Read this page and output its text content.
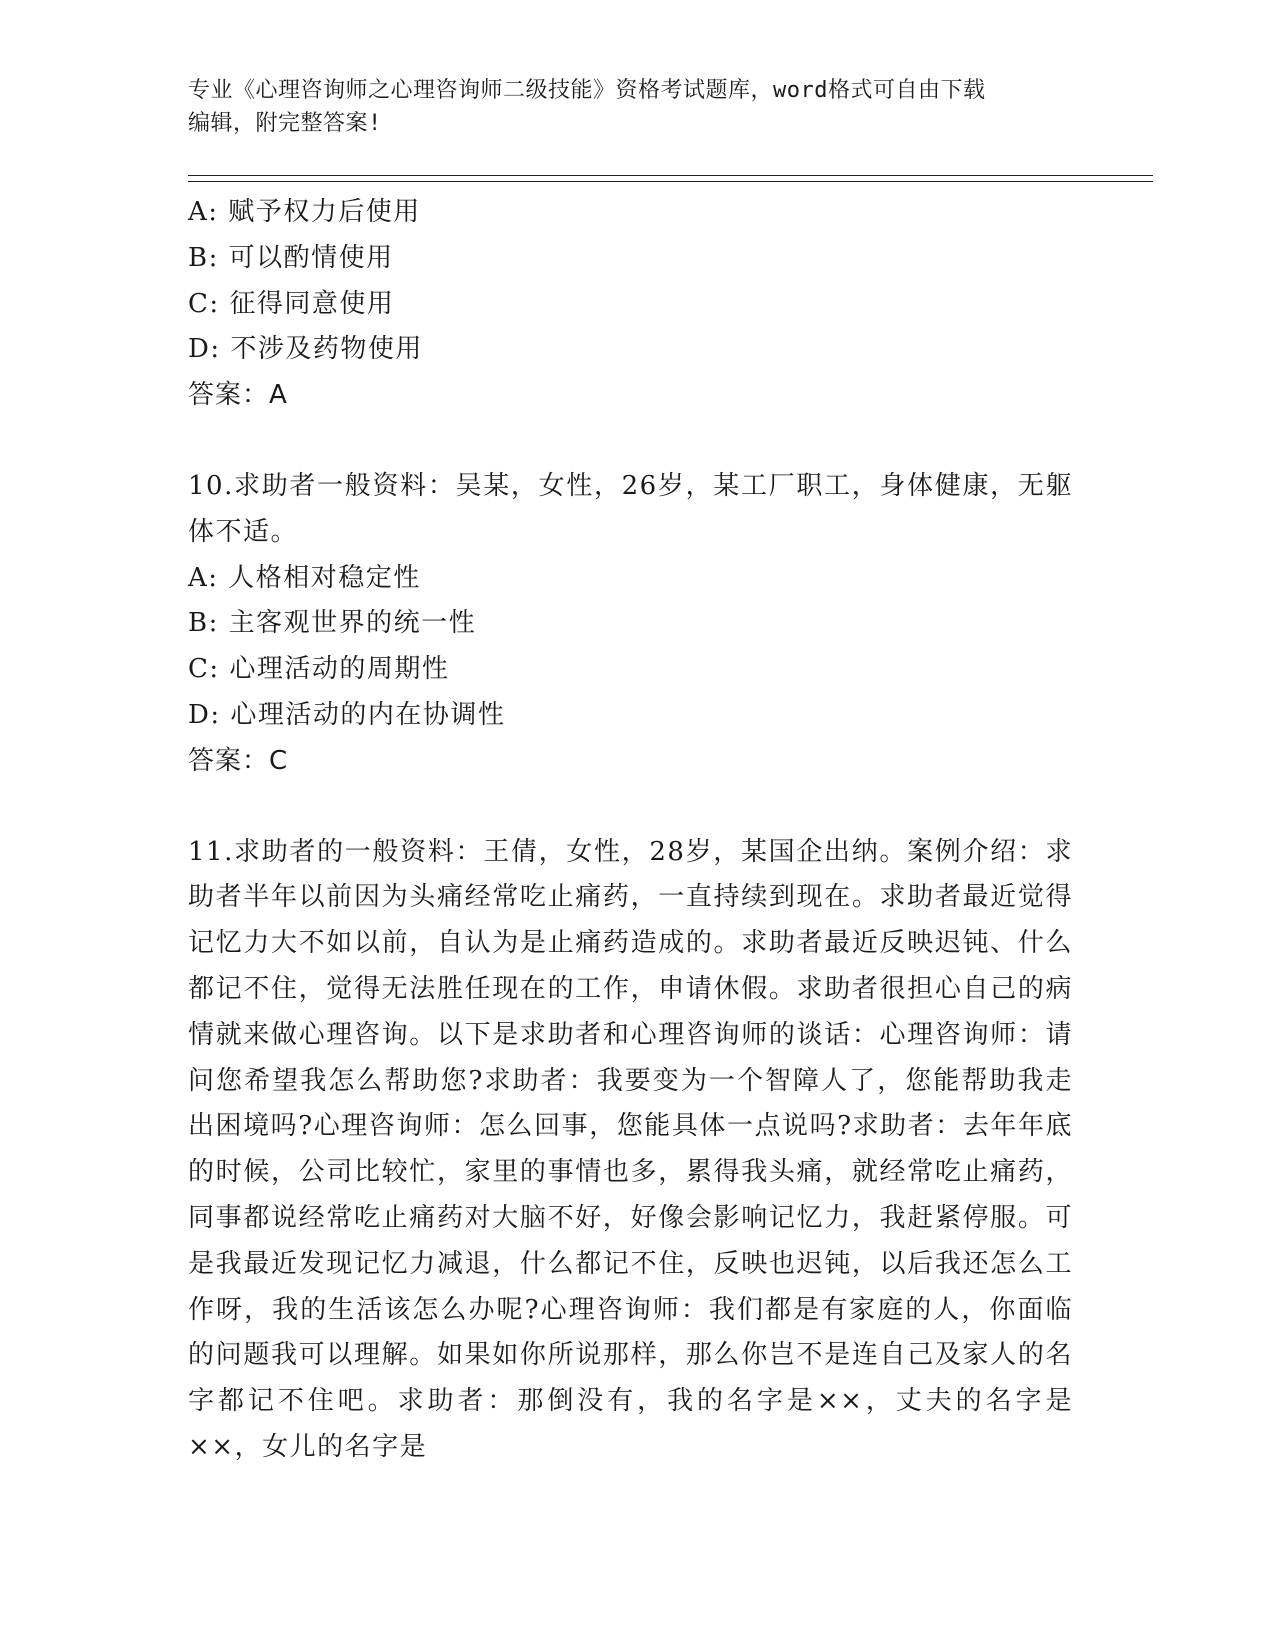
专业《心理咨询师之心理咨询师二级技能》资格考试题库，word格式可自由下载
编辑，附完整答案!

A: 赋予权力后使用

B: 可以酌情使用

C: 征得同意使用

D: 不涉及药物使用

答案：A

10.求助者一般资料：吴某，女性，26岁，某工厂职工，身体健康，无躯体不适。

A: 人格相对稳定性

B: 主客观世界的统一性

C: 心理活动的周期性

D: 心理活动的内在协调性

答案：C

11.求助者的一般资料：王倩，女性，28岁，某国企出纳。案例介绍：求助者半年以前因为头痛经常吃止痛药，一直持续到现在。求助者最近觉得记忆力大不如以前，自认为是止痛药造成的。求助者最近反映迟钝、什么都记不住，觉得无法胜任现在的工作，申请休假。求助者很担心自己的病情就来做心理咨询。以下是求助者和心理咨询师的谈话：心理咨询师：请问您希望我怎么帮助您?求助者：我要变为一个智障人了，您能帮助我走出困境吗?心理咨询师：怎么回事，您能具体一点说吗?求助者：去年年底的时候，公司比较忙，家里的事情也多，累得我头痛，就经常吃止痛药，同事都说经常吃止痛药对大脑不好，好像会影响记忆力，我赶紧停服。可是我最近发现记忆力减退，什么都记不住，反映也迟钝，以后我还怎么工作呀，我的生活该怎么办呢?心理咨询师：我们都是有家庭的人，你面临的问题我可以理解。如果如你所说那样，那么你岂不是连自己及家人的名字都记不住吧。求助者：那倒没有，我的名字是××，丈夫的名字是××，女儿的名字是
